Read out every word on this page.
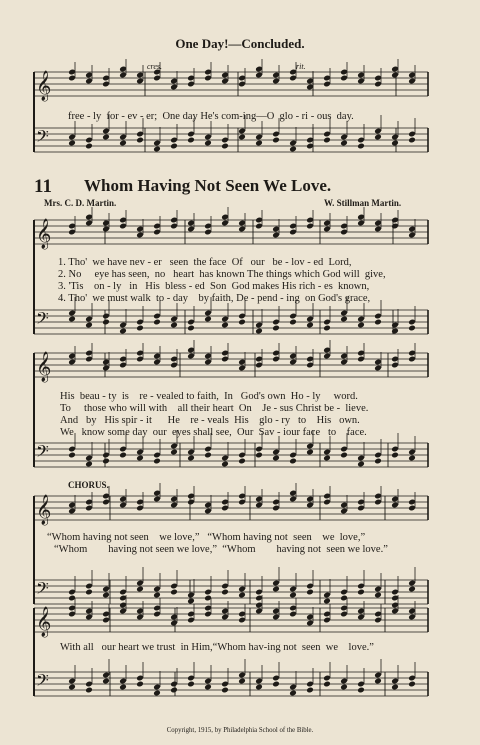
𝄞
𝄢
𝄞
𝄢
𝄞
𝄢
𝄞
𝄢
𝄞
𝄢
One Day!—Concluded.
cres.	rit.
free - ly  for - ev - er;  One day He's com-ing—O  glo - ri - ous  day.
11 Whom Having Not Seen We Love.
Mrs. C. D. Martin.	W. Stillman Martin.
1. Tho'  we have nev - er   seen  the face  Of   our   be - lov - ed  Lord,
2. No     eye has seen,  no   heart  has known The things which God will  give,
3. 'Tis    on - ly   in   His  bless - ed  Son  God makes His rich - es  known,
4. Tho'  we must walk  to - day    by faith, De - pend - ing  on God's grace,
His  beau - ty  is    re - vealed to faith,  In   God's own  Ho - ly     word.
To     those who will with    all their heart  On    Je - sus Christ be -  lieve.
And   by   His spir - it      He    re - veals  His    glo - ry   to    His   own.
We   know some day  our  eyes shall see,  Our  Sav - iour face   to    face.
CHORUS.
“Whom having not seen    we love,”   “Whom having not  seen    we  love,”
“Whom        having not seen we love,”  “Whom        having not  seen we love.”
With all   our heart we trust  in Him,“Whom hav-ing not  seen  we    love.”
Copyright, 1915, by Philadelphia School of the Bible.
